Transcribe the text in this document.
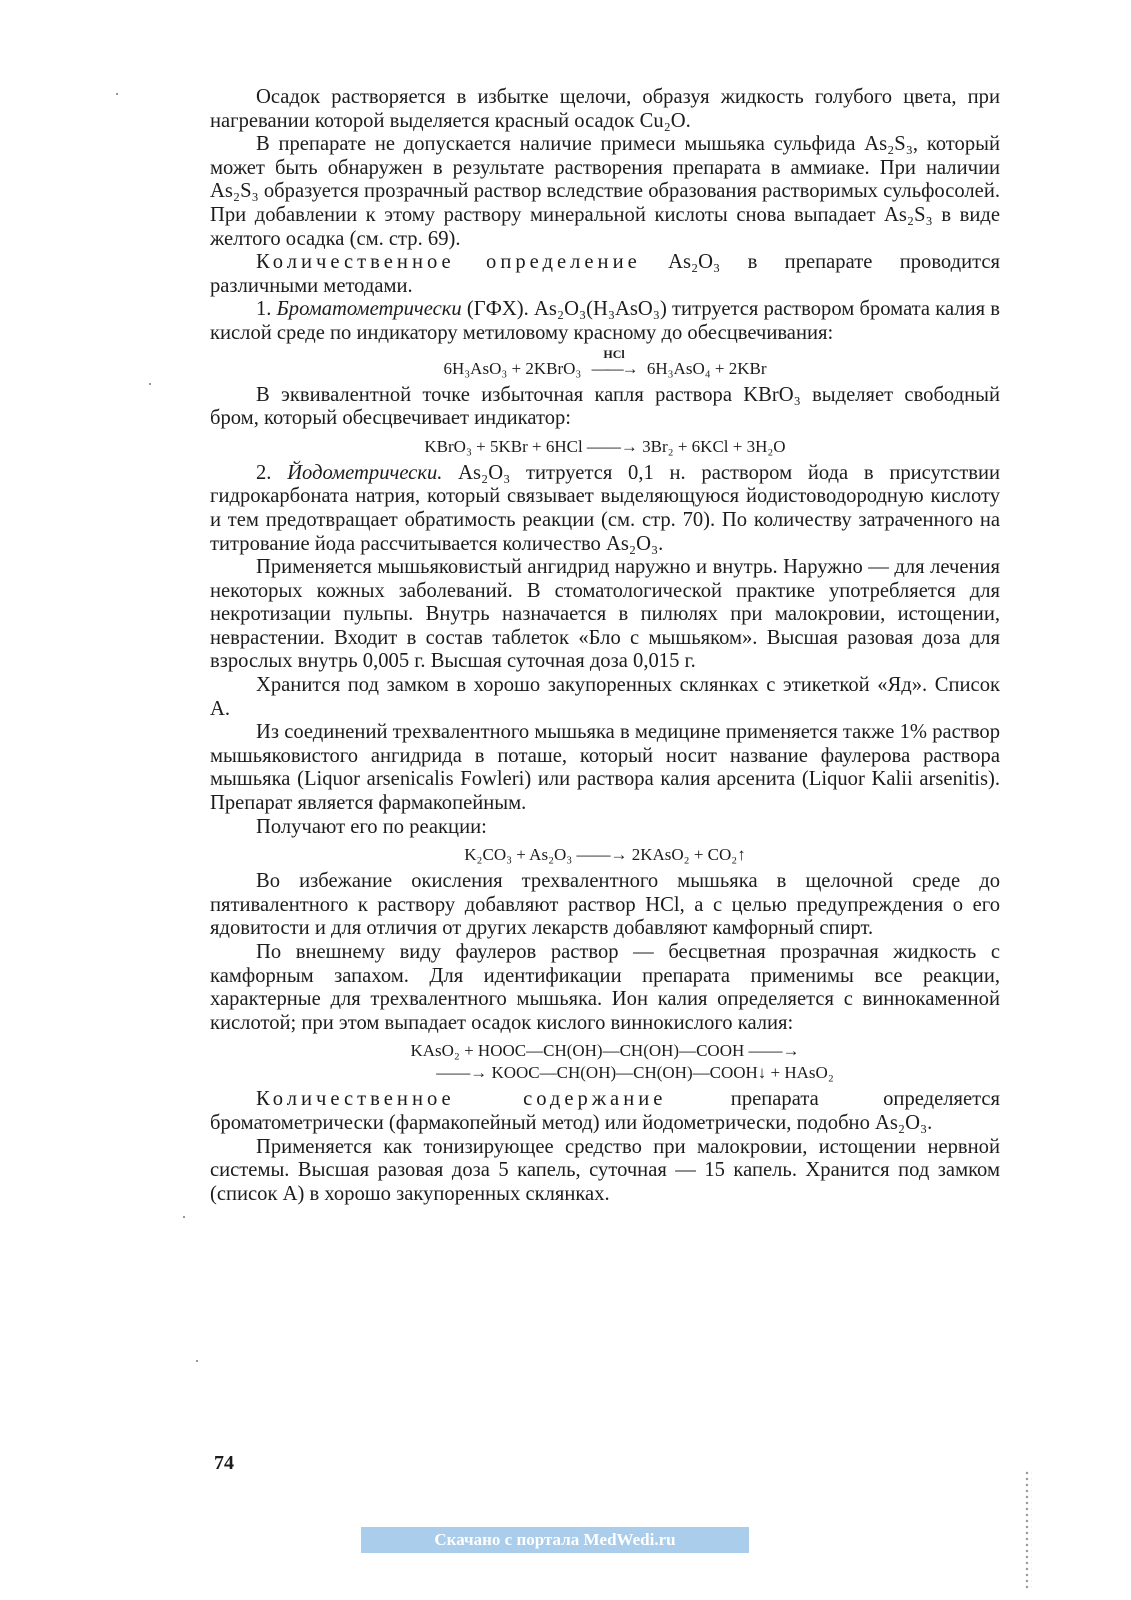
Осадок растворяется в избытке щелочи, образуя жидкость голубого цвета, при нагревании которой выделяется красный осадок Cu₂O.

В препарате не допускается наличие примеси мышьяка сульфида As₂S₃, который может быть обнаружен в результате растворения препарата в аммиаке. При наличии As₂S₃ образуется прозрачный раствор вследствие образования растворимых сульфосолей. При добавлении к этому раствору минеральной кислоты снова выпадает As₂S₃ в виде желтого осадка (см. стр. 69).

Количественное определение As₂O₃ в препарате проводится различными методами.

1. Броматометрически (ГФХ). As₂O₃(H₃AsO₃) титруется раствором бромата калия в кислой среде по индикатору метиловому красному до обесцвечивания:

6H₃AsO₃ + 2KBrO₃
HCl
——→ 6H₃AsO₄ + 2KBr

В эквивалентной точке избыточная капля раствора KBrO₃ выделяет свободный бром, который обесцвечивает индикатор:

KBrO₃ + 5KBr + 6HCl ——→ 3Br₂ + 6KCl + 3H₂O

2. Йодометрически. As₂O₃ титруется 0,1 н. раствором йода в присутствии гидрокарбоната натрия, который связывает выделяющуюся йодистоводородную кислоту и тем предотвращает обратимость реакции (см. стр. 70). По количеству затраченного на титрование йода рассчитывается количество As₂O₃.

Применяется мышьяковистый ангидрид наружно и внутрь. Наружно — для лечения некоторых кожных заболеваний. В стоматологической практике употребляется для некротизации пульпы. Внутрь назначается в пилюлях при малокровии, истощении, неврастении. Входит в состав таблеток «Бло с мышьяком». Высшая разовая доза для взрослых внутрь 0,005 г. Высшая суточная доза 0,015 г.

Хранится под замком в хорошо закупоренных склянках с этикеткой «Яд». Список А.

Из соединений трехвалентного мышьяка в медицине применяется также 1% раствор мышьяковистого ангидрида в поташе, который носит название фаулерова раствора мышьяка (Liquor arsenicalis Fowleri) или раствора калия арсенита (Liquor Kalii arsenitis). Препарат является фармакопейным.

Получают его по реакции:

K₂CO₃ + As₂O₃ ——→ 2KAsO₂ + CO₂↑

Во избежание окисления трехвалентного мышьяка в щелочной среде до пятивалентного к раствору добавляют раствор HCl, а с целью предупреждения о его ядовитости и для отличия от других лекарств добавляют камфорный спирт.

По внешнему виду фаулеров раствор — бесцветная прозрачная жидкость с камфорным запахом. Для идентификации препарата применимы все реакции, характерные для трехвалентного мышьяка. Ион калия определяется с виннокаменной кислотой; при этом выпадает осадок кислого виннокислого калия:

KAsO₂ + HOOC—CH(OH)—CH(OH)—COOH ——→
——→ KOOC—CH(OH)—CH(OH)—COOH↓ + HAsO₂

Количественное содержание препарата определяется броматометрически (фармакопейный метод) или йодометрически, подобно As₂O₃.

Применяется как тонизирующее средство при малокровии, истощении нервной системы. Высшая разовая доза 5 капель, суточная — 15 капель. Хранится под замком (список А) в хорошо закупоренных склянках.

74
Скачано с портала MedWedi.ru
